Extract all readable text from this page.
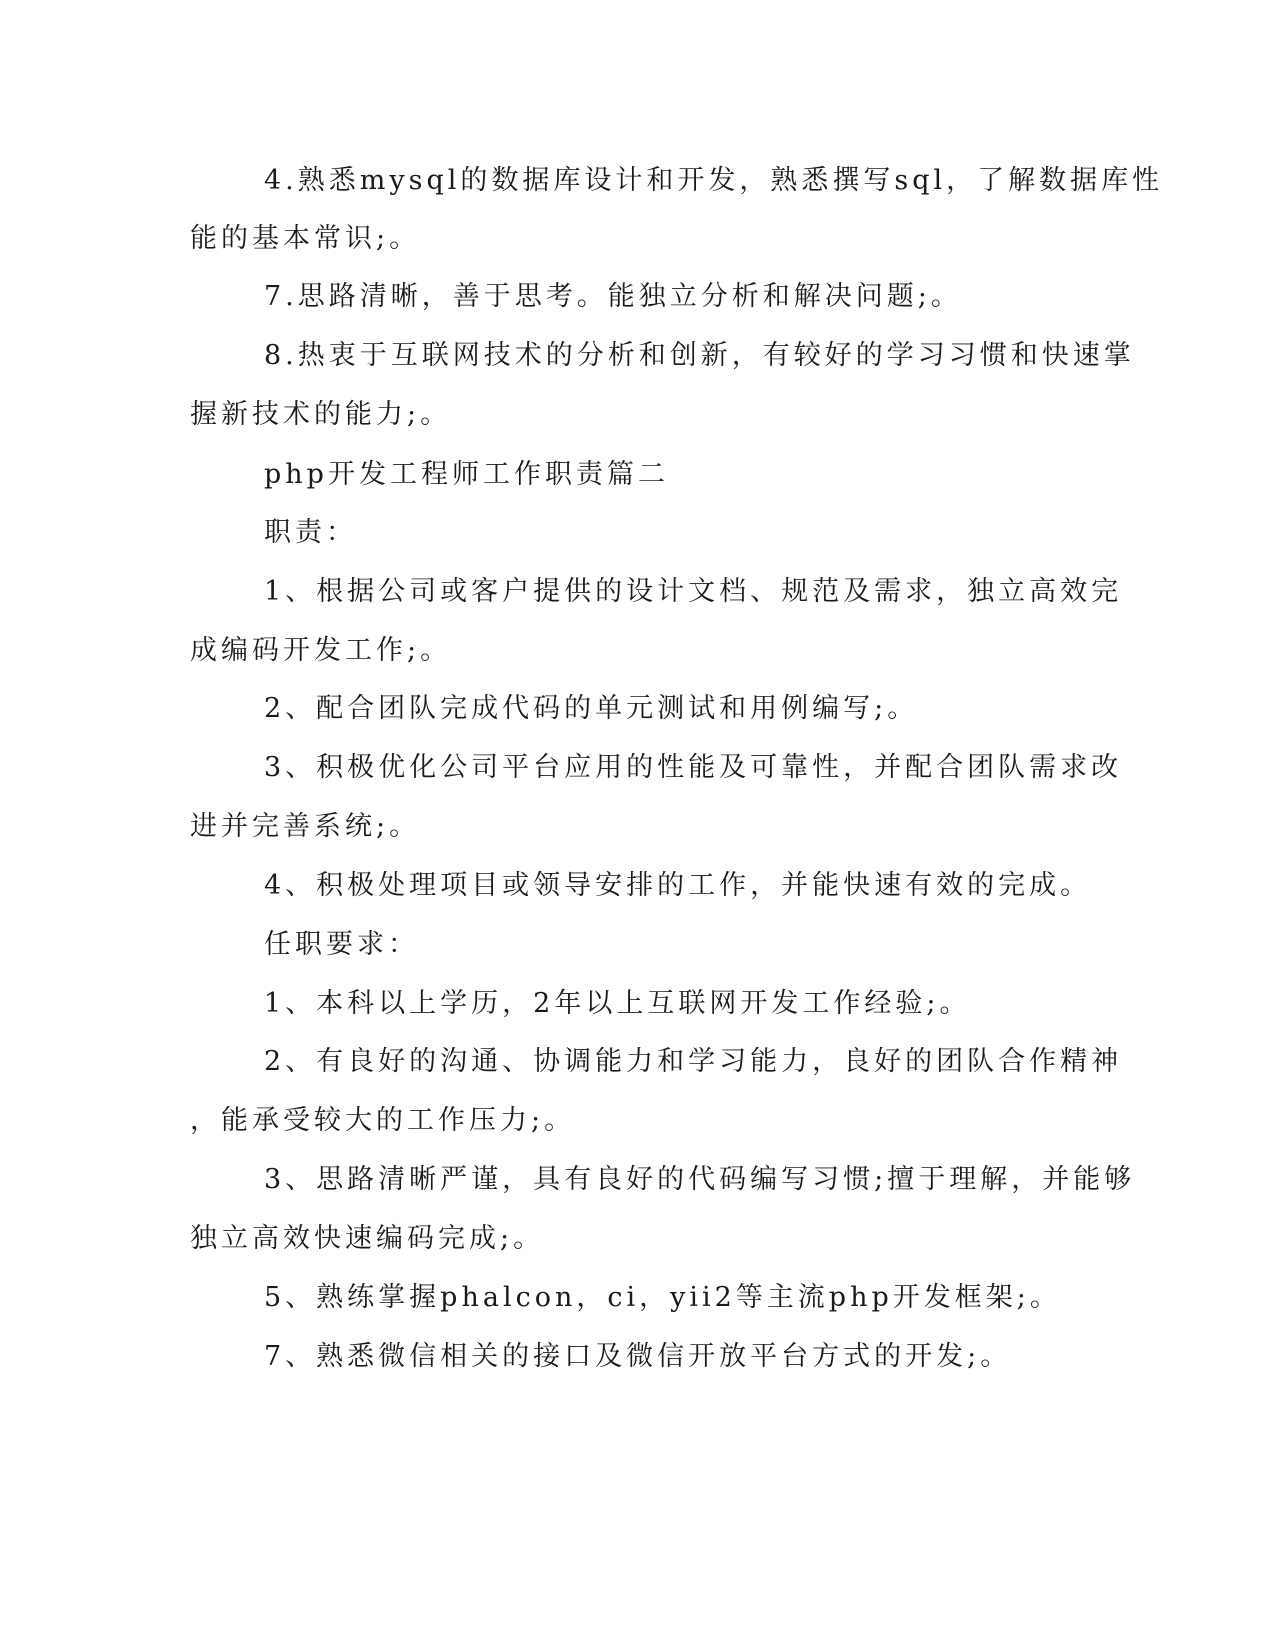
4.熟悉mysql的数据库设计和开发，熟悉撰写sql，了解数据库性
能的基本常识;。
7.思路清晰，善于思考。能独立分析和解决问题;。
8.热衷于互联网技术的分析和创新，有较好的学习习惯和快速掌
握新技术的能力;。
php开发工程师工作职责篇二
职责：
1、根据公司或客户提供的设计文档、规范及需求，独立高效完
成编码开发工作;。
2、配合团队完成代码的单元测试和用例编写;。
3、积极优化公司平台应用的性能及可靠性，并配合团队需求改
进并完善系统;。
4、积极处理项目或领导安排的工作，并能快速有效的完成。
任职要求：
1、本科以上学历，2年以上互联网开发工作经验;。
2、有良好的沟通、协调能力和学习能力，良好的团队合作精神
，能承受较大的工作压力;。
3、思路清晰严谨，具有良好的代码编写习惯;擅于理解，并能够
独立高效快速编码完成;。
5、熟练掌握phalcon，ci，yii2等主流php开发框架;。
7、熟悉微信相关的接口及微信开放平台方式的开发;。
